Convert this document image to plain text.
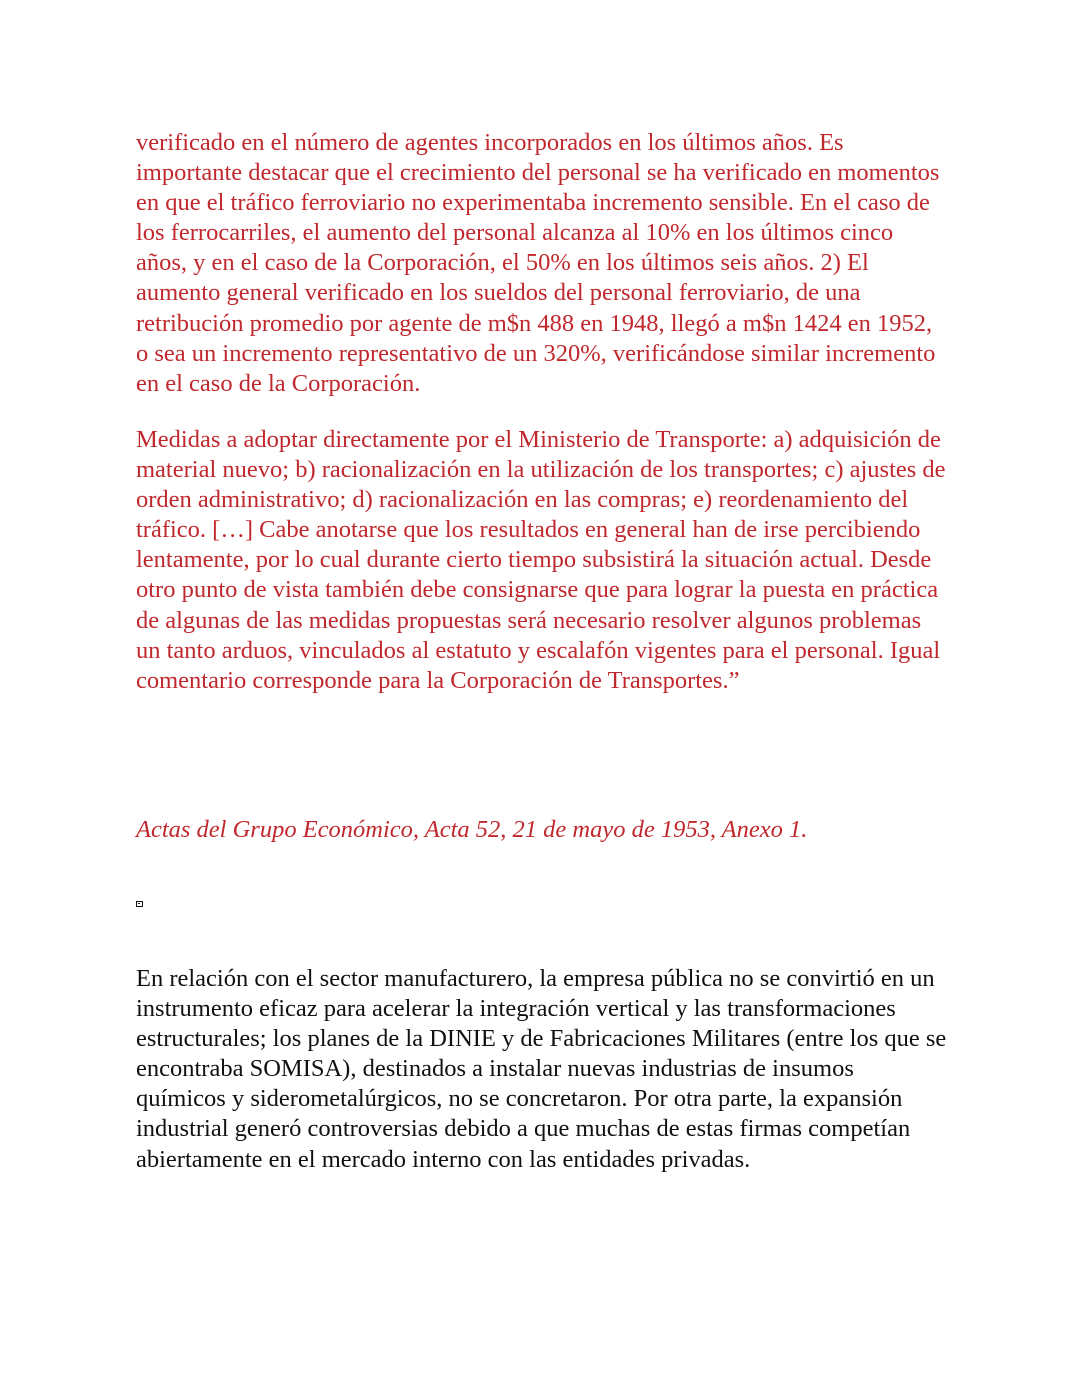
verificado en el número de agentes incorporados en los últimos años. Es importante destacar que el crecimiento del personal se ha verificado en momentos en que el tráfico ferroviario no experimentaba incremento sensible. En el caso de los ferrocarriles, el aumento del personal alcanza al 10% en los últimos cinco años, y en el caso de la Corporación, el 50% en los últimos seis años. 2) El aumento general verificado en los sueldos del personal ferroviario, de una retribución promedio por agente de m$n 488 en 1948, llegó a m$n 1424 en 1952, o sea un incremento representativo de un 320%, verificándose similar incremento en el caso de la Corporación.

Medidas a adoptar directamente por el Ministerio de Transporte: a) adquisición de material nuevo; b) racionalización en la utilización de los transportes; c) ajustes de orden administrativo; d) racionalización en las compras; e) reordenamiento del tráfico. […] Cabe anotarse que los resultados en general han de irse percibiendo lentamente, por lo cual durante cierto tiempo subsistirá la situación actual. Desde otro punto de vista también debe consignarse que para lograr la puesta en práctica de algunas de las medidas propuestas será necesario resolver algunos problemas un tanto arduos, vinculados al estatuto y escalafón vigentes para el personal. Igual comentario corresponde para la Corporación de Transportes.”

Actas del Grupo Económico, Acta 52, 21 de mayo de 1953, Anexo 1.

En relación con el sector manufacturero, la empresa pública no se convirtió en un instrumento eficaz para acelerar la integración vertical y las transformaciones estructurales; los planes de la DINIE y de Fabricaciones Militares (entre los que se encontraba SOMISA), destinados a instalar nuevas industrias de insumos químicos y siderometalúrgicos, no se concretaron. Por otra parte, la expansión industrial generó controversias debido a que muchas de estas firmas competían abiertamente en el mercado interno con las entidades privadas.
